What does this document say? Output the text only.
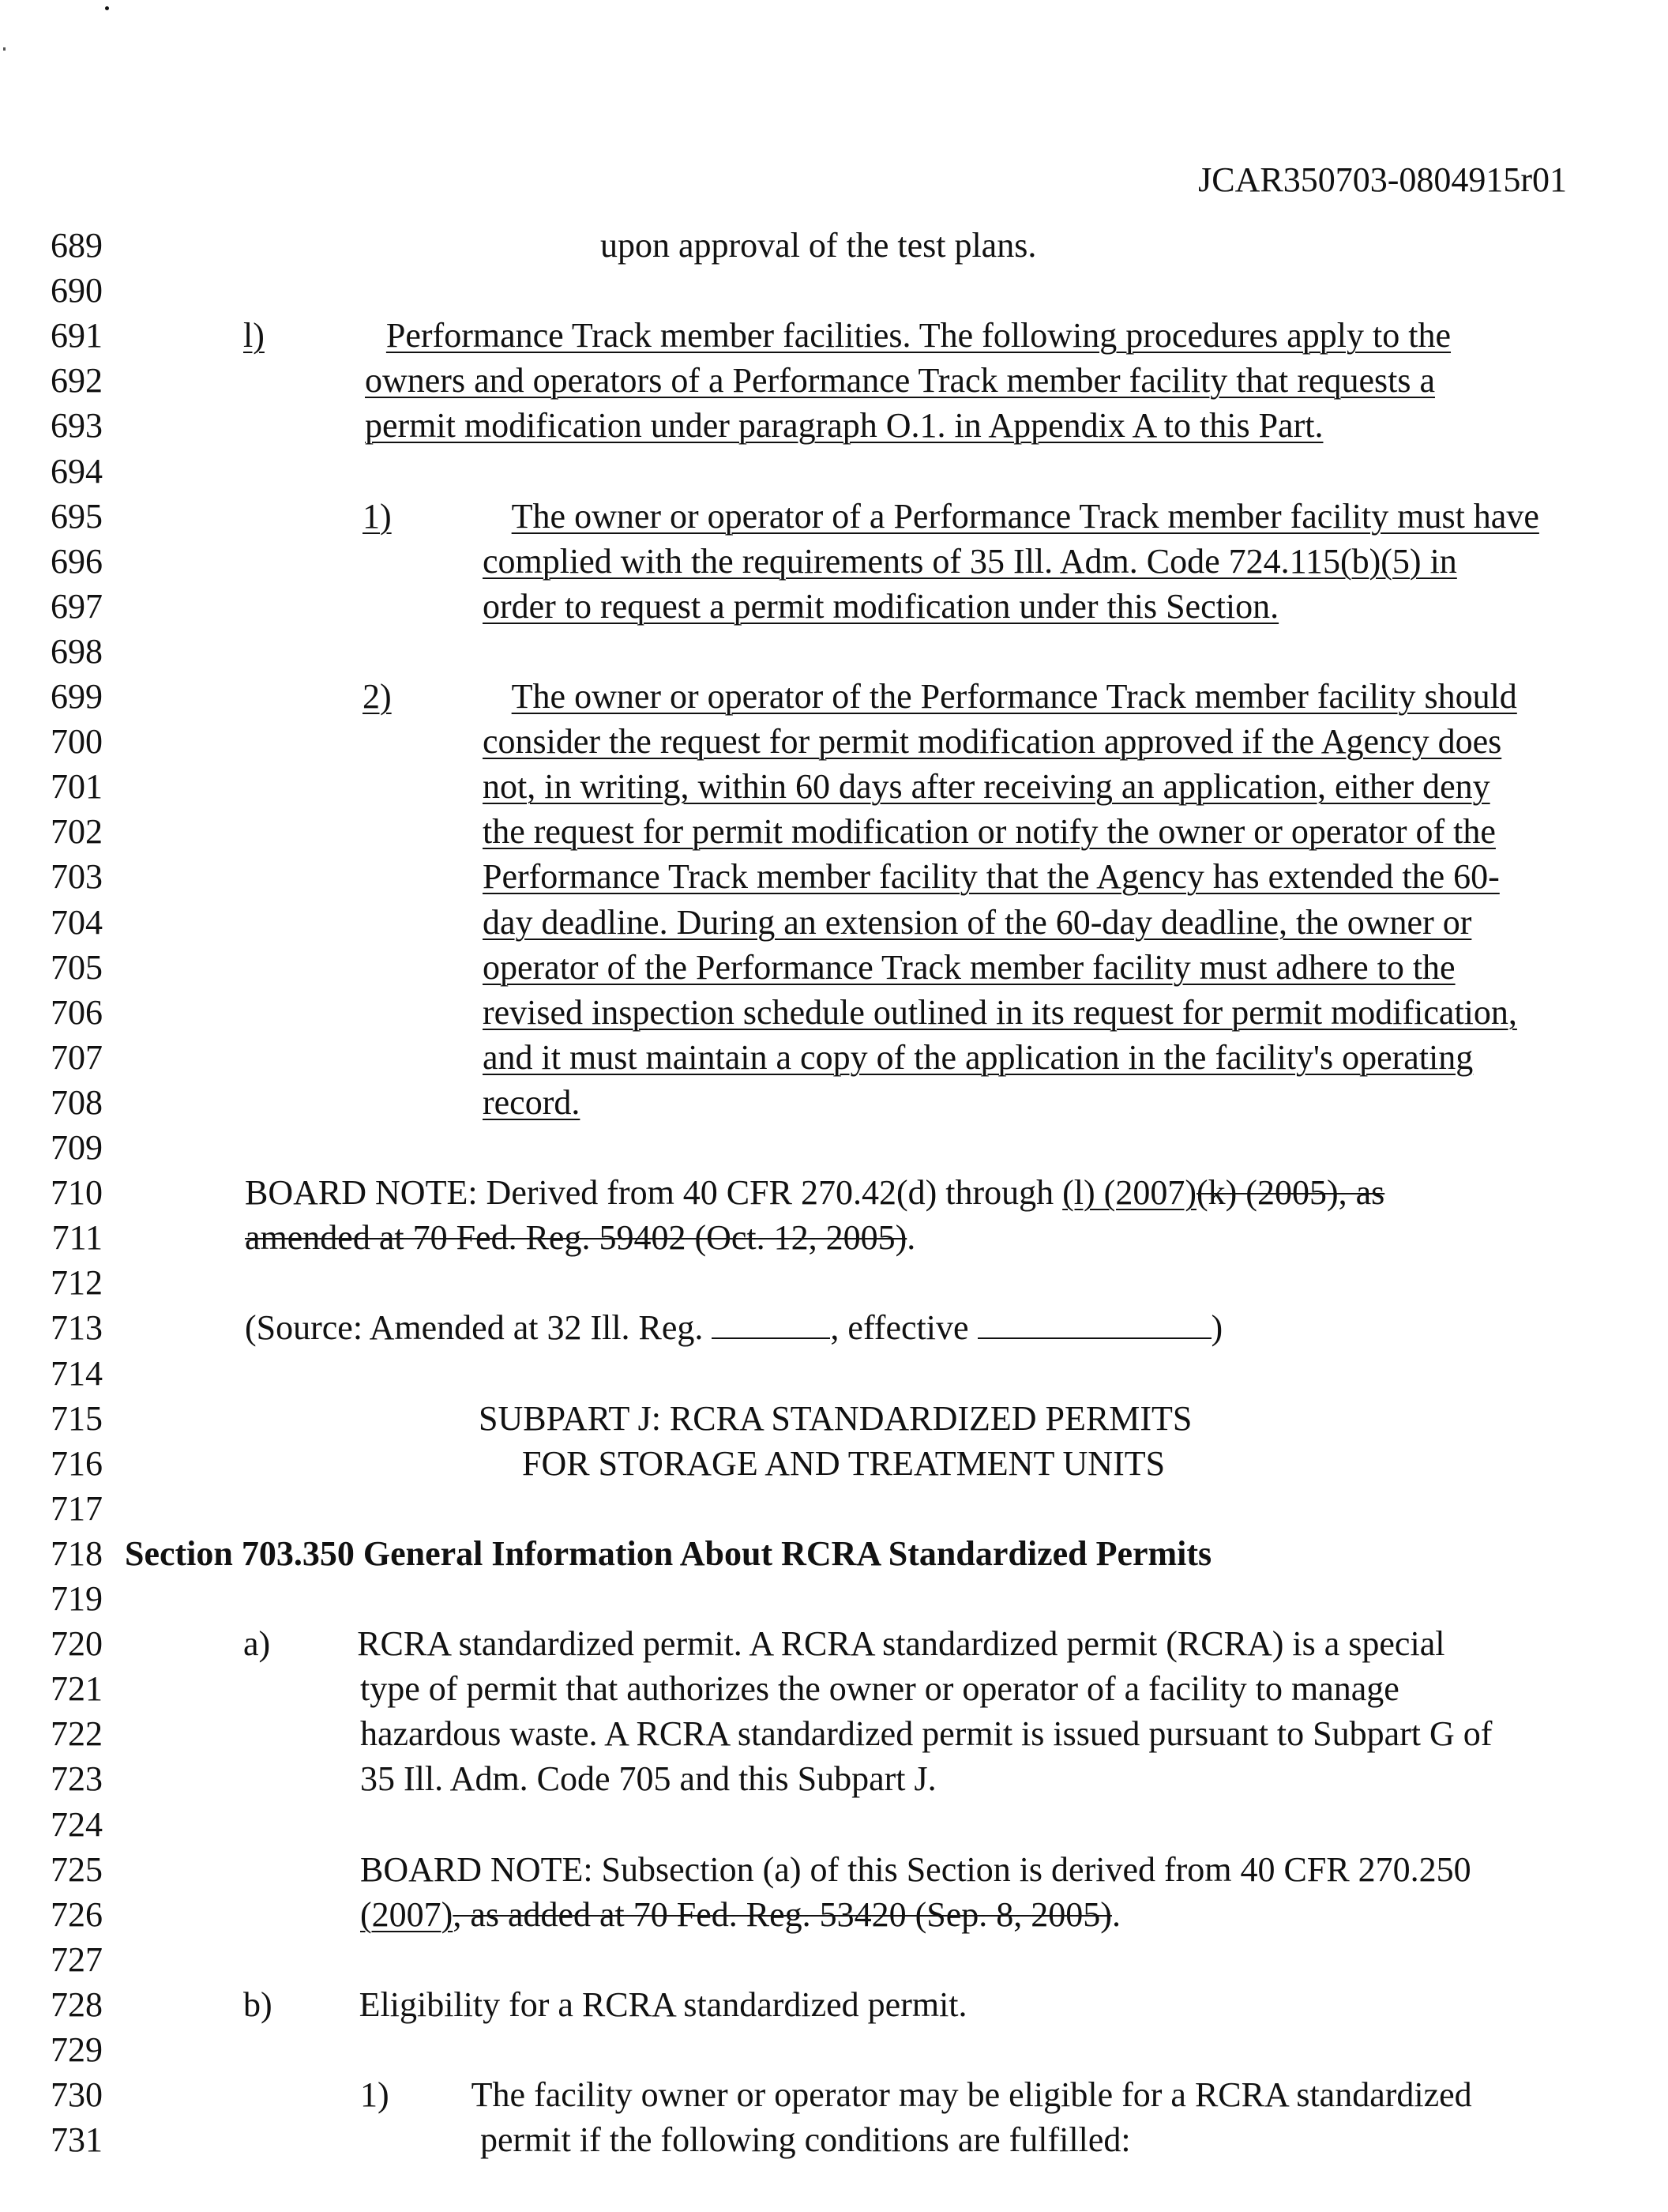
JCAR350703-0804915r01
689	upon approval of the test plans.
690
691	l)	Performance Track member facilities. The following procedures apply to the
692	owners and operators of a Performance Track member facility that requests a
693	permit modification under paragraph O.1. in Appendix A to this Part.
694
695	1)	The owner or operator of a Performance Track member facility must have
696	complied with the requirements of 35 Ill. Adm. Code 724.115(b)(5) in
697	order to request a permit modification under this Section.
698
699	2)	The owner or operator of the Performance Track member facility should
700	consider the request for permit modification approved if the Agency does
701	not, in writing, within 60 days after receiving an application, either deny
702	the request for permit modification or notify the owner or operator of the
703	Performance Track member facility that the Agency has extended the 60-
704	day deadline. During an extension of the 60-day deadline, the owner or
705	operator of the Performance Track member facility must adhere to the
706	revised inspection schedule outlined in its request for permit modification,
707	and it must maintain a copy of the application in the facility's operating
708	record.
709
710	BOARD NOTE: Derived from 40 CFR 270.42(d) through (l) (2007)(k) (2005), as
711	amended at 70 Fed. Reg. 59402 (Oct. 12, 2005).
712
713	(Source: Amended at 32 Ill. Reg.	, effective	)
714
715	SUBPART J: RCRA STANDARDIZED PERMITS
716	FOR STORAGE AND TREATMENT UNITS
717
718 Section 703.350 General Information About RCRA Standardized Permits
719
720	a)	RCRA standardized permit. A RCRA standardized permit (RCRA) is a special
721	type of permit that authorizes the owner or operator of a facility to manage
722	hazardous waste. A RCRA standardized permit is issued pursuant to Subpart G of
723	35 Ill. Adm. Code 705 and this Subpart J.
724
725	BOARD NOTE: Subsection (a) of this Section is derived from 40 CFR 270.250
726	(2007), as added at 70 Fed. Reg. 53420 (Sep. 8, 2005).
727
728	b)	Eligibility for a RCRA standardized permit.
729
730	1) The facility owner or operator may be eligible for a RCRA standardized
731	permit if the following conditions are fulfilled:
